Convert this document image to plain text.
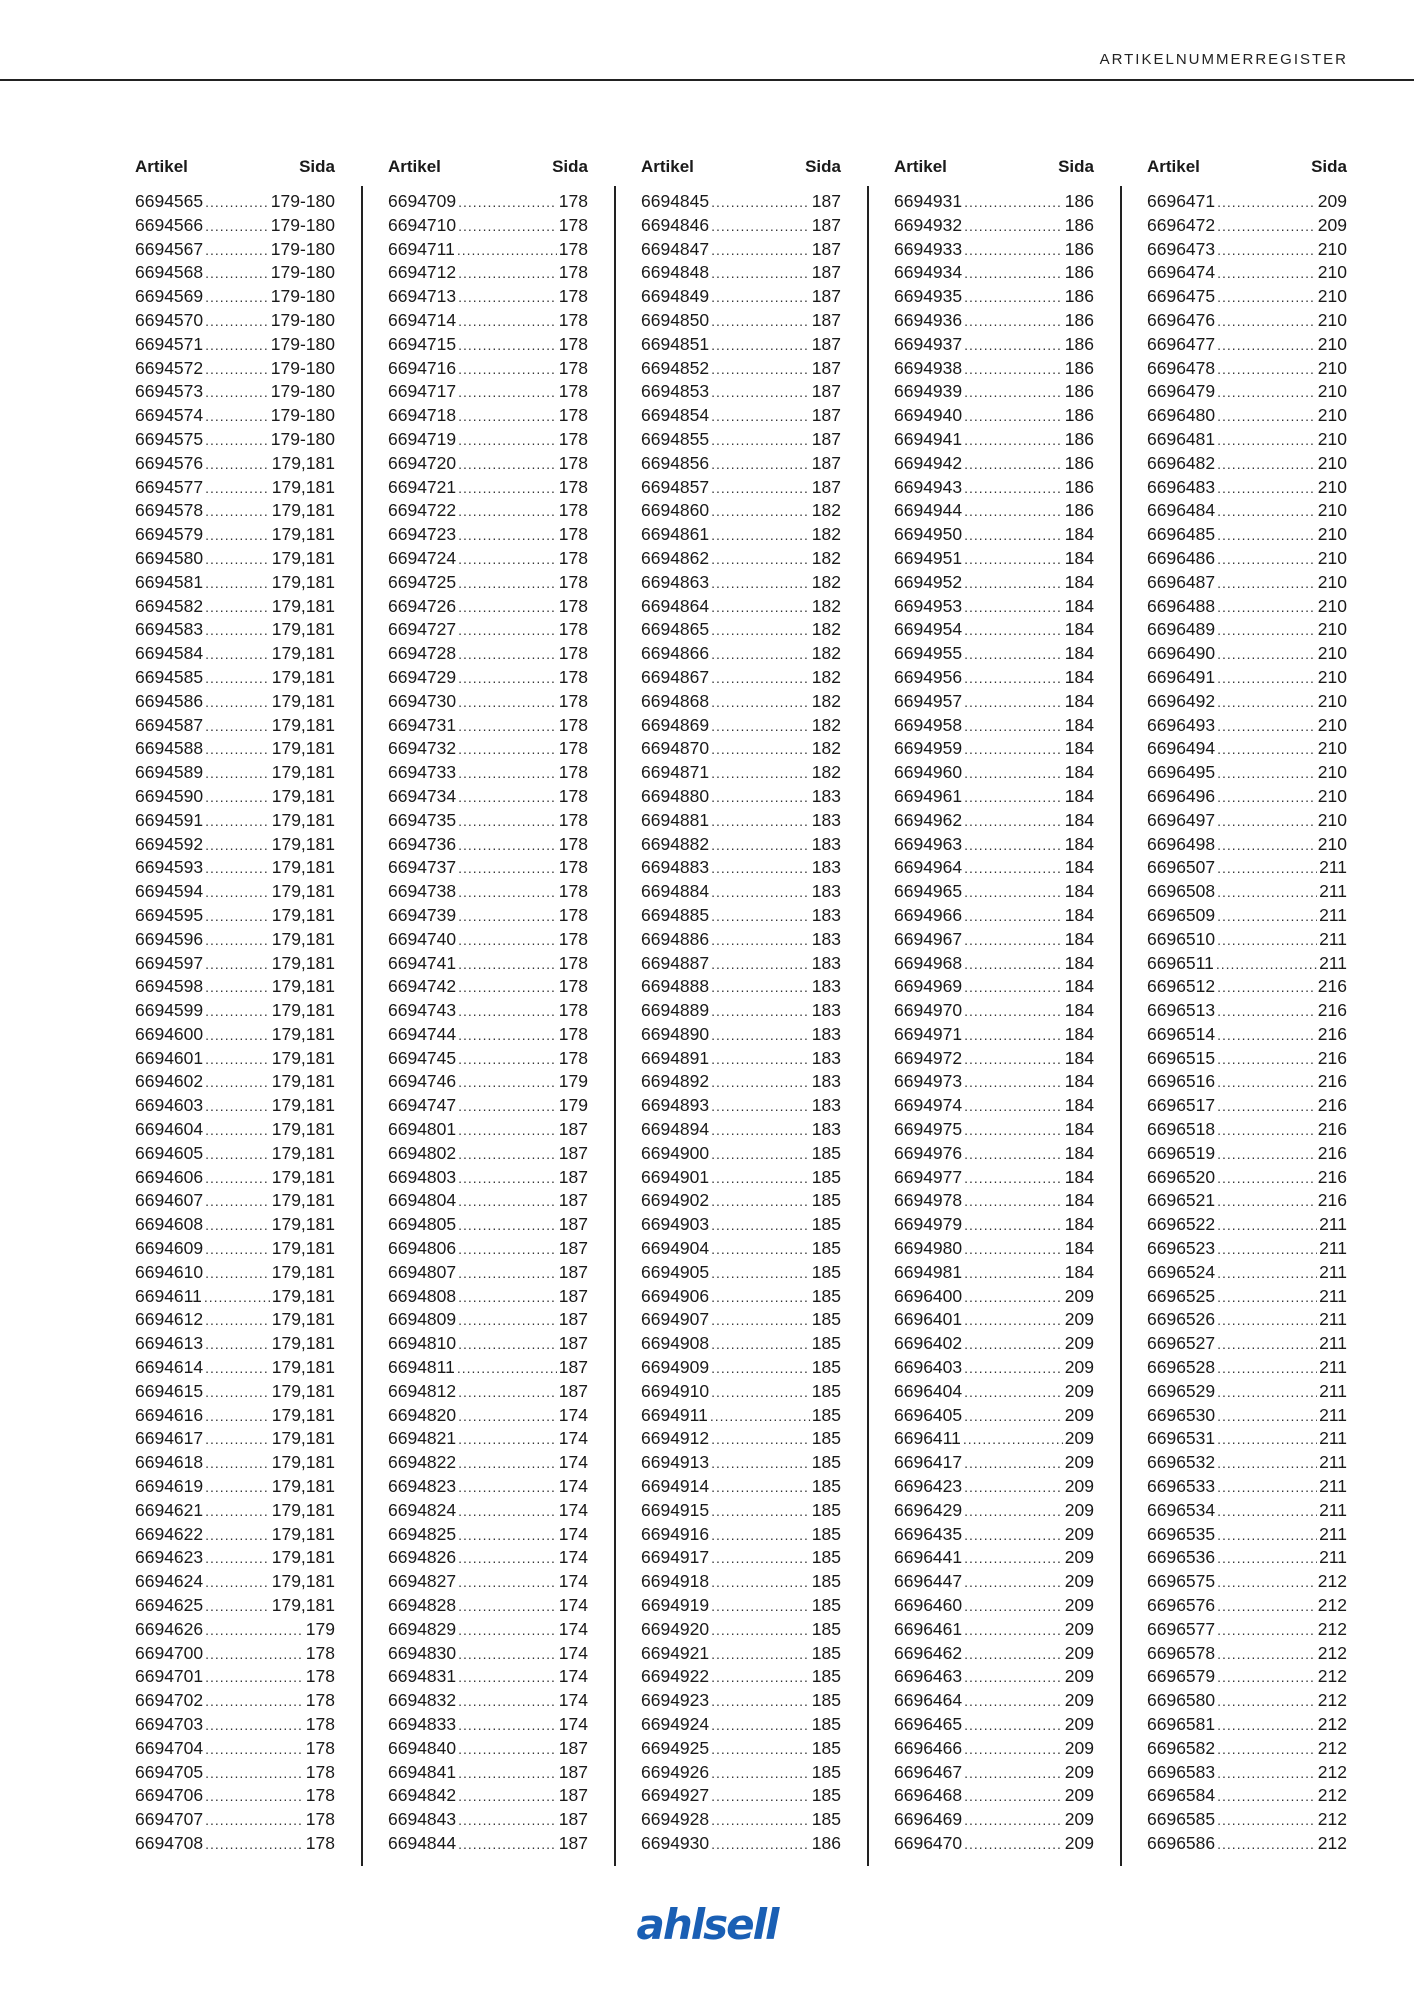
ARTIKELNUMMERREGISTER
Artikel	Sida
6694565 .....	179-180
6694566 .....	179-180
6694567 .....	179-180
6694568 .....	179-180
6694569 .....	179-180
6694570 .....	179-180
6694571 .....	179-180
6694572 .....	179-180
6694573 .....	179-180
6694574 .....	179-180
6694575 .....	179-180
6694576 .....	179,181
6694577 .....	179,181
6694578 .....	179,181
6694579 .....	179,181
6694580 .....	179,181
6694581 .....	179,181
6694582 .....	179,181
6694583 .....	179,181
6694584 .....	179,181
6694585 .....	179,181
6694586 .....	179,181
6694587 .....	179,181
6694588 .....	179,181
6694589 .....	179,181
6694590 .....	179,181
6694591 .....	179,181
6694592 .....	179,181
6694593 .....	179,181
6694594 .....	179,181
6694595 .....	179,181
6694596 .....	179,181
6694597 .....	179,181
6694598 .....	179,181
6694599 .....	179,181
6694600 .....	179,181
6694601 .....	179,181
6694602 .....	179,181
6694603 .....	179,181
6694604 .....	179,181
6694605 .....	179,181
6694606 .....	179,181
6694607 .....	179,181
6694608 .....	179,181
6694609 .....	179,181
6694610 .....	179,181
6694611 .....	179,181
6694612 .....	179,181
6694613 .....	179,181
6694614 .....	179,181
6694615 .....	179,181
6694616 .....	179,181
6694617 .....	179,181
6694618 .....	179,181
6694619 .....	179,181
6694621 .....	179,181
6694622 .....	179,181
6694623 .....	179,181
6694624 .....	179,181
6694625 .....	179,181
6694626 .....	179
6694700 .....	178
6694701 .....	178
6694702 .....	178
6694703 .....	178
6694704 .....	178
6694705 .....	178
6694706 .....	178
6694707 .....	178
6694708 .....	178
Artikel	Sida
6694709 .....	178
6694710 .....	178
6694711 .....	178
6694712 .....	178
6694713 .....	178
6694714 .....	178
6694715 .....	178
6694716 .....	178
6694717 .....	178
6694718 .....	178
6694719 .....	178
6694720 .....	178
6694721 .....	178
6694722 .....	178
6694723 .....	178
6694724 .....	178
6694725 .....	178
6694726 .....	178
6694727 .....	178
6694728 .....	178
6694729 .....	178
6694730 .....	178
6694731 .....	178
6694732 .....	178
6694733 .....	178
6694734 .....	178
6694735 .....	178
6694736 .....	178
6694737 .....	178
6694738 .....	178
6694739 .....	178
6694740 .....	178
6694741 .....	178
6694742 .....	178
6694743 .....	178
6694744 .....	178
6694745 .....	178
6694746 .....	179
6694747 .....	179
6694801 .....	187
6694802 .....	187
6694803 .....	187
6694804 .....	187
6694805 .....	187
6694806 .....	187
6694807 .....	187
6694808 .....	187
6694809 .....	187
6694810 .....	187
6694811 .....	187
6694812 .....	187
6694820 .....	174
6694821 .....	174
6694822 .....	174
6694823 .....	174
6694824 .....	174
6694825 .....	174
6694826 .....	174
6694827 .....	174
6694828 .....	174
6694829 .....	174
6694830 .....	174
6694831 .....	174
6694832 .....	174
6694833 .....	174
6694840 .....	187
6694841 .....	187
6694842 .....	187
6694843 .....	187
6694844 .....	187
Artikel	Sida
6694845 .....	187
6694846 .....	187
6694847 .....	187
6694848 .....	187
6694849 .....	187
6694850 .....	187
6694851 .....	187
6694852 .....	187
6694853 .....	187
6694854 .....	187
6694855 .....	187
6694856 .....	187
6694857 .....	187
6694860 .....	182
6694861 .....	182
6694862 .....	182
6694863 .....	182
6694864 .....	182
6694865 .....	182
6694866 .....	182
6694867 .....	182
6694868 .....	182
6694869 .....	182
6694870 .....	182
6694871 .....	182
6694880 .....	183
6694881 .....	183
6694882 .....	183
6694883 .....	183
6694884 .....	183
6694885 .....	183
6694886 .....	183
6694887 .....	183
6694888 .....	183
6694889 .....	183
6694890 .....	183
6694891 .....	183
6694892 .....	183
6694893 .....	183
6694894 .....	183
6694900 .....	185
6694901 .....	185
6694902 .....	185
6694903 .....	185
6694904 .....	185
6694905 .....	185
6694906 .....	185
6694907 .....	185
6694908 .....	185
6694909 .....	185
6694910 .....	185
6694911 .....	185
6694912 .....	185
6694913 .....	185
6694914 .....	185
6694915 .....	185
6694916 .....	185
6694917 .....	185
6694918 .....	185
6694919 .....	185
6694920 .....	185
6694921 .....	185
6694922 .....	185
6694923 .....	185
6694924 .....	185
6694925 .....	185
6694926 .....	185
6694927 .....	185
6694928 .....	185
6694930 .....	186
Artikel	Sida
6694931 .....	186
6694932 .....	186
6694933 .....	186
6694934 .....	186
6694935 .....	186
6694936 .....	186
6694937 .....	186
6694938 .....	186
6694939 .....	186
6694940 .....	186
6694941 .....	186
6694942 .....	186
6694943 .....	186
6694944 .....	186
6694950 .....	184
6694951 .....	184
6694952 .....	184
6694953 .....	184
6694954 .....	184
6694955 .....	184
6694956 .....	184
6694957 .....	184
6694958 .....	184
6694959 .....	184
6694960 .....	184
6694961 .....	184
6694962 .....	184
6694963 .....	184
6694964 .....	184
6694965 .....	184
6694966 .....	184
6694967 .....	184
6694968 .....	184
6694969 .....	184
6694970 .....	184
6694971 .....	184
6694972 .....	184
6694973 .....	184
6694974 .....	184
6694975 .....	184
6694976 .....	184
6694977 .....	184
6694978 .....	184
6694979 .....	184
6694980 .....	184
6694981 .....	184
6696400 .....	209
6696401 .....	209
6696402 .....	209
6696403 .....	209
6696404 .....	209
6696405 .....	209
6696411 .....	209
6696417 .....	209
6696423 .....	209
6696429 .....	209
6696435 .....	209
6696441 .....	209
6696447 .....	209
6696460 .....	209
6696461 .....	209
6696462 .....	209
6696463 .....	209
6696464 .....	209
6696465 .....	209
6696466 .....	209
6696467 .....	209
6696468 .....	209
6696469 .....	209
6696470 .....	209
Artikel	Sida
6696471 .....	209
6696472 .....	209
6696473 .....	210
6696474 .....	210
6696475 .....	210
6696476 .....	210
6696477 .....	210
6696478 .....	210
6696479 .....	210
6696480 .....	210
6696481 .....	210
6696482 .....	210
6696483 .....	210
6696484 .....	210
6696485 .....	210
6696486 .....	210
6696487 .....	210
6696488 .....	210
6696489 .....	210
6696490 .....	210
6696491 .....	210
6696492 .....	210
6696493 .....	210
6696494 .....	210
6696495 .....	210
6696496 .....	210
6696497 .....	210
6696498 .....	210
6696507 .....	211
6696508 .....	211
6696509 .....	211
6696510 .....	211
6696511 .....	211
6696512 .....	216
6696513 .....	216
6696514 .....	216
6696515 .....	216
6696516 .....	216
6696517 .....	216
6696518 .....	216
6696519 .....	216
6696520 .....	216
6696521 .....	216
6696522 .....	211
6696523 .....	211
6696524 .....	211
6696525 .....	211
6696526 .....	211
6696527 .....	211
6696528 .....	211
6696529 .....	211
6696530 .....	211
6696531 .....	211
6696532 .....	211
6696533 .....	211
6696534 .....	211
6696535 .....	211
6696536 .....	211
6696575 .....	212
6696576 .....	212
6696577 .....	212
6696578 .....	212
6696579 .....	212
6696580 .....	212
6696581 .....	212
6696582 .....	212
6696583 .....	212
6696584 .....	212
6696585 .....	212
6696586 .....	212
ahlsell
